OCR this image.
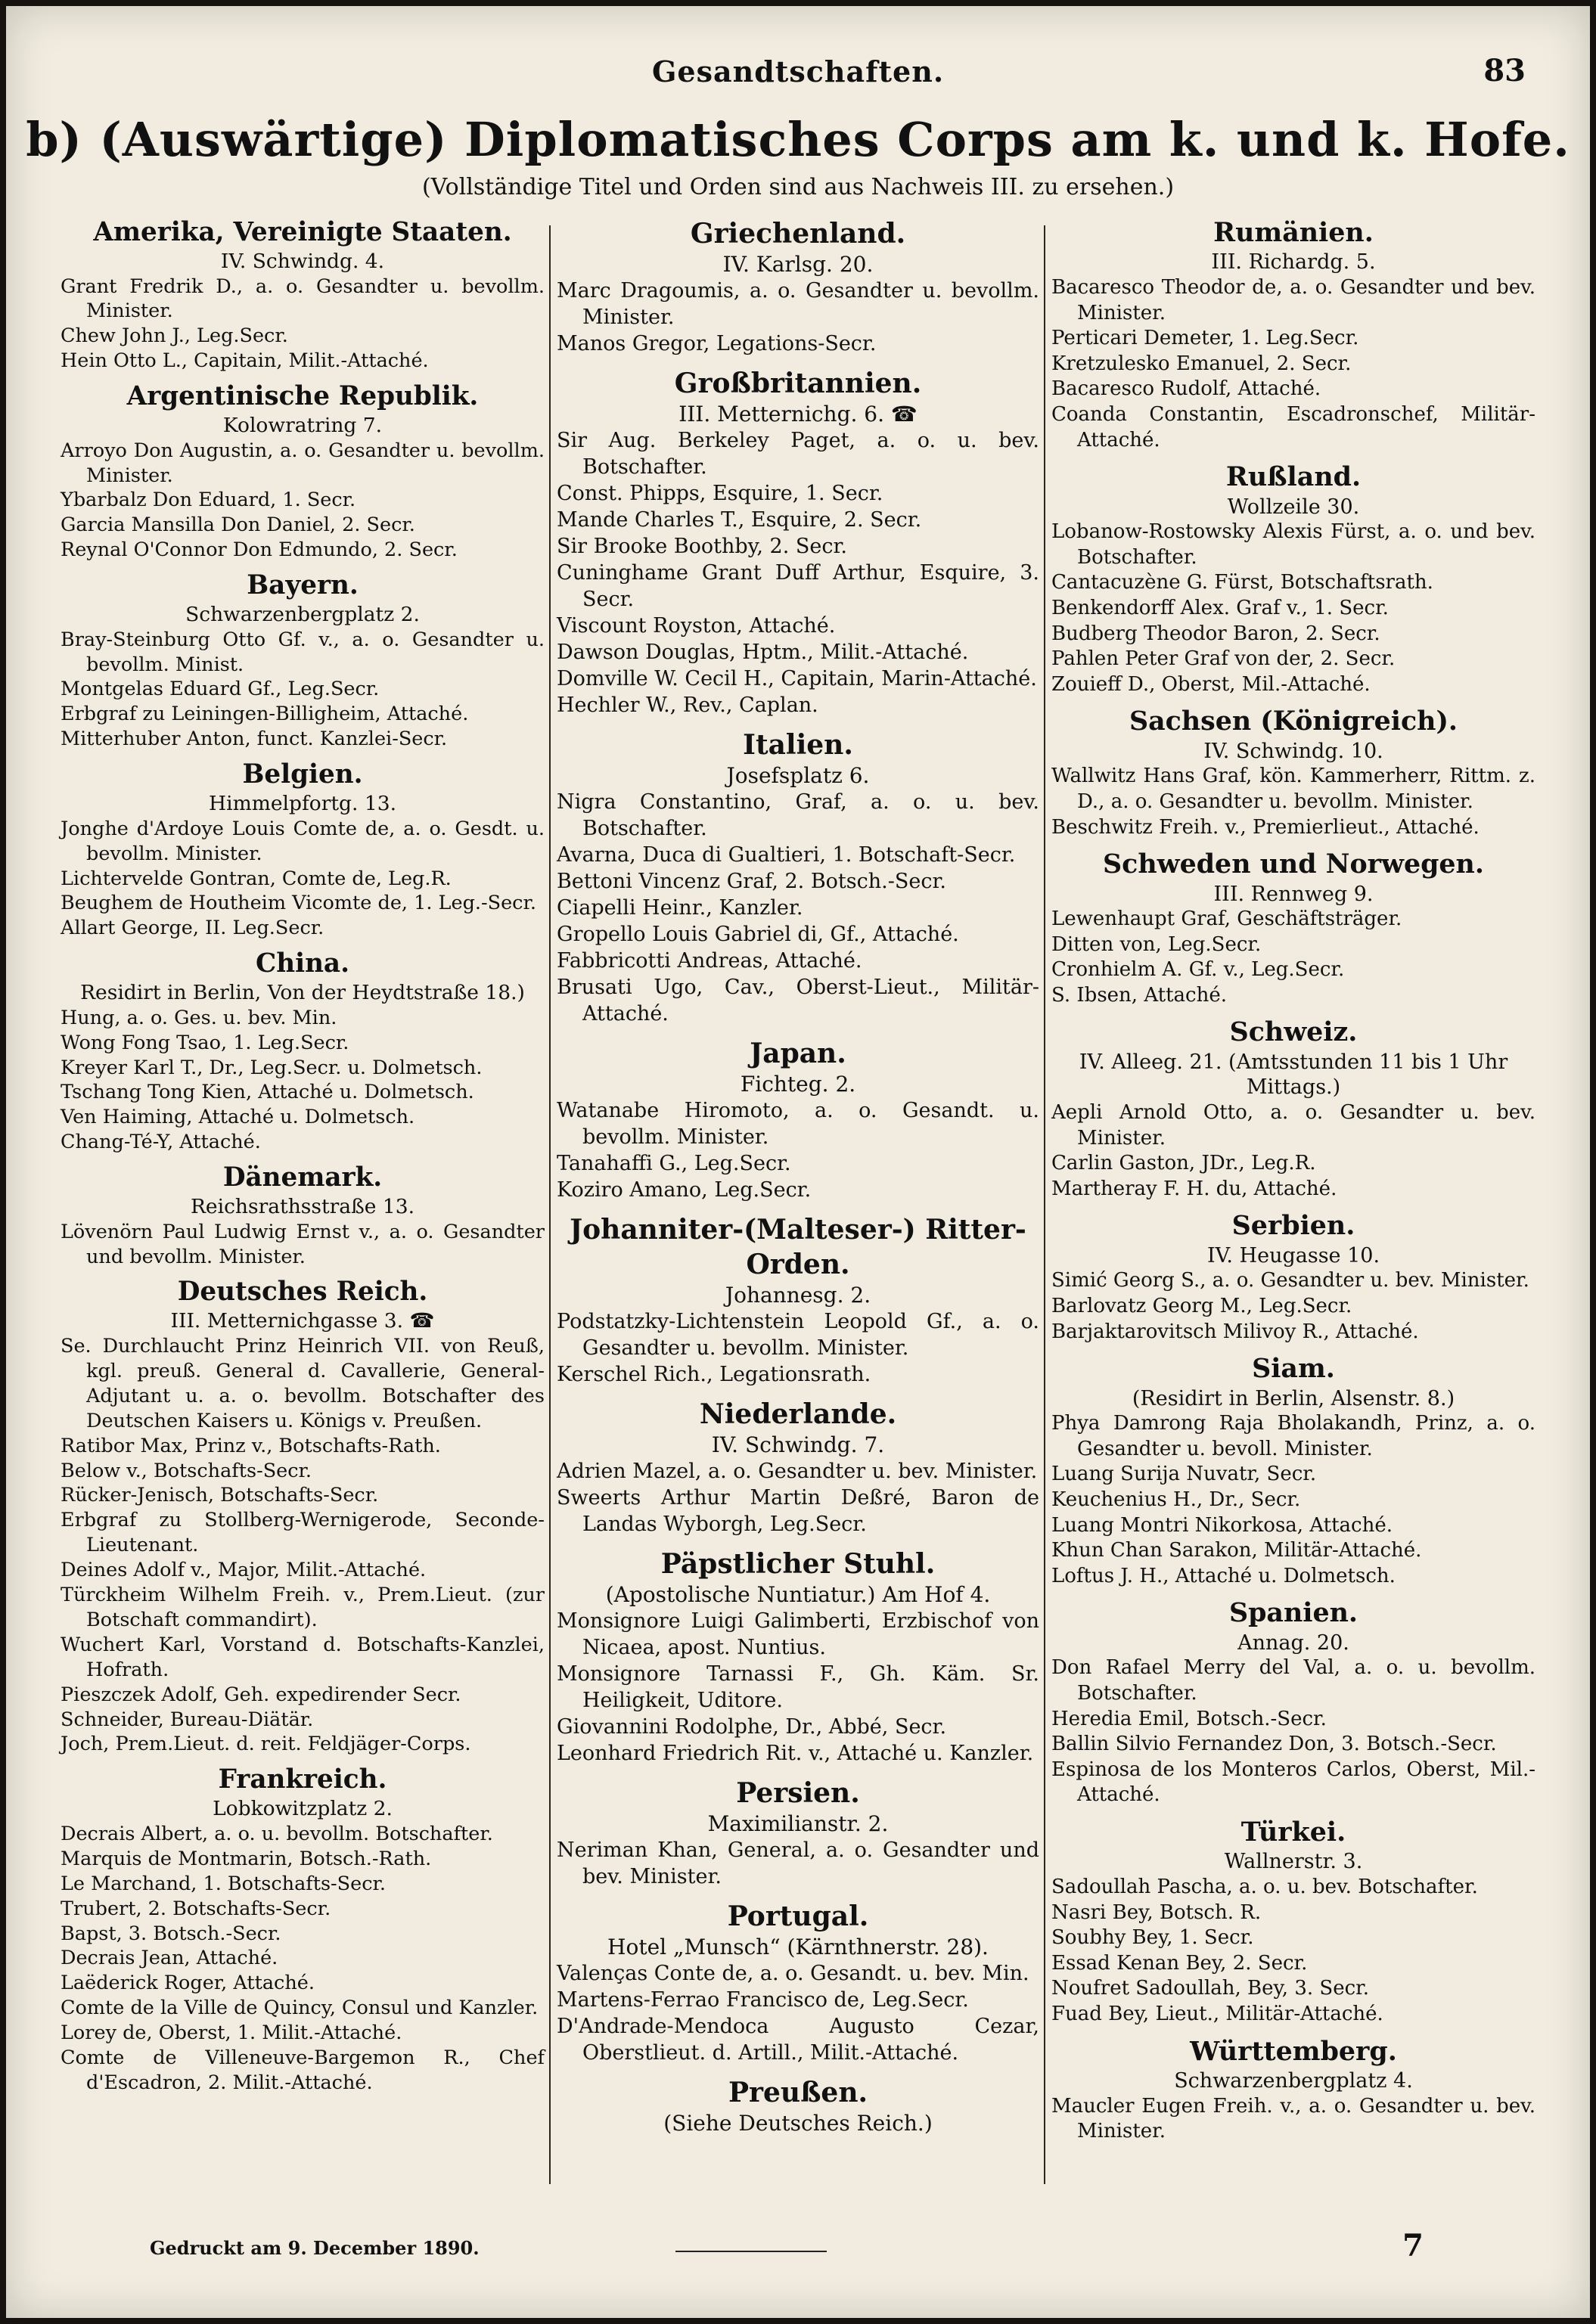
Gesandtschaften.	83
b) (Auswärtige) Diplomatisches Corps am k. und k. Hofe.
(Vollständige Titel und Orden sind aus Nachweis III. zu ersehen.)
Amerika, Vereinigte Staaten.
IV. Schwindg. 4.
Grant Fredrik D., a. o. Gesandter u. bevollm. Minister.
Chew John J., Leg.Secr.
Hein Otto L., Capitain, Milit.-Attaché.
Argentinische Republik.
Kolowratring 7.
Arroyo Don Augustin, a. o. Gesandter u. bevollm. Minister.
Ybarbalz Don Eduard, 1. Secr.
Garcia Mansilla Don Daniel, 2. Secr.
Reynal O'Connor Don Edmundo, 2. Secr.
Bayern.
Schwarzenbergplatz 2.
Bray-Steinburg Otto Gf. v., a. o. Gesandter u. bevollm. Minist.
Montgelas Eduard Gf., Leg.Secr.
Erbgraf zu Leiningen-Billigheim, Attaché.
Mitterhuber Anton, funct. Kanzlei-Secr.
Belgien.
Himmelpfortg. 13.
Jonghe d'Ardoye Louis Comte de, a. o. Gesdt. u. bevollm. Minister.
Lichtervelde Gontran, Comte de, Leg.R.
Beughem de Houtheim Vicomte de, 1. Leg.-Secr.
Allart George, II. Leg.Secr.
China.
Residirt in Berlin, Von der Heydtstraße 18.)
Hung, a. o. Ges. u. bev. Min.
Wong Fong Tsao, 1. Leg.Secr.
Kreyer Karl T., Dr., Leg.Secr. u. Dolmetsch.
Tschang Tong Kien, Attaché u. Dolmetsch.
Ven Haiming, Attaché u. Dolmetsch.
Chang-Té-Y, Attaché.
Dänemark.
Reichsrathsstraße 13.
Lövenörn Paul Ludwig Ernst v., a. o. Gesandter und bevollm. Minister.
Deutsches Reich.
III. Metternichgasse 3. ☎
Se. Durchlaucht Prinz Heinrich VII. von Reuß, kgl. preuß. General d. Cavallerie, General-Adjutant u. a. o. bevollm. Botschafter des Deutschen Kaisers u. Königs v. Preußen.
Ratibor Max, Prinz v., Botschafts-Rath.
Below v., Botschafts-Secr.
Rücker-Jenisch, Botschafts-Secr.
Erbgraf zu Stollberg-Wernigerode, Seconde-Lieutenant.
Deines Adolf v., Major, Milit.-Attaché.
Türckheim Wilhelm Freih. v., Prem.Lieut. (zur Botschaft commandirt).
Wuchert Karl, Vorstand d. Botschafts-Kanzlei, Hofrath.
Pieszczek Adolf, Geh. expedirender Secr.
Schneider, Bureau-Diätär.
Joch, Prem.Lieut. d. reit. Feldjäger-Corps.
Frankreich.
Lobkowitzplatz 2.
Decrais Albert, a. o. u. bevollm. Botschafter.
Marquis de Montmarin, Botsch.-Rath.
Le Marchand, 1. Botschafts-Secr.
Trubert, 2. Botschafts-Secr.
Bapst, 3. Botsch.-Secr.
Decrais Jean, Attaché.
Laëderick Roger, Attaché.
Comte de la Ville de Quincy, Consul und Kanzler.
Lorey de, Oberst, 1. Milit.-Attaché.
Comte de Villeneuve-Bargemon R., Chef d'Escadron, 2. Milit.-Attaché.
Griechenland.
IV. Karlsg. 20.
Marc Dragoumis, a. o. Gesandter u. bevollm. Minister.
Manos Gregor, Legations-Secr.
Großbritannien.
III. Metternichg. 6. ☎
Sir Aug. Berkeley Paget, a. o. u. bev. Botschafter.
Const. Phipps, Esquire, 1. Secr.
Mande Charles T., Esquire, 2. Secr.
Sir Brooke Boothby, 2. Secr.
Cuninghame Grant Duff Arthur, Esquire, 3. Secr.
Viscount Royston, Attaché.
Dawson Douglas, Hptm., Milit.-Attaché.
Domville W. Cecil H., Capitain, Marin-Attaché.
Hechler W., Rev., Caplan.
Italien.
Josefsplatz 6.
Nigra Constantino, Graf, a. o. u. bev. Botschafter.
Avarna, Duca di Gualtieri, 1. Botschaft-Secr.
Bettoni Vincenz Graf, 2. Botsch.-Secr.
Ciapelli Heinr., Kanzler.
Gropello Louis Gabriel di, Gf., Attaché.
Fabbricotti Andreas, Attaché.
Brusati Ugo, Cav., Oberst-Lieut., Militär-Attaché.
Japan.
Fichteg. 2.
Watanabe Hiromoto, a. o. Gesandt. u. bevollm. Minister.
Tanahaffi G., Leg.Secr.
Koziro Amano, Leg.Secr.
Johanniter-(Malteser-) Ritter-Orden.
Johannesg. 2.
Podstatzky-Lichtenstein Leopold Gf., a. o. Gesandter u. bevollm. Minister.
Kerschel Rich., Legationsrath.
Niederlande.
IV. Schwindg. 7.
Adrien Mazel, a. o. Gesandter u. bev. Minister.
Sweerts Arthur Martin Deßré, Baron de Landas Wyborgh, Leg.Secr.
Päpstlicher Stuhl.
(Apostolische Nuntiatur.) Am Hof 4.
Monsignore Luigi Galimberti, Erzbischof von Nicaea, apost. Nuntius.
Monsignore Tarnassi F., Gh. Käm. Sr. Heiligkeit, Uditore.
Giovannini Rodolphe, Dr., Abbé, Secr.
Leonhard Friedrich Rit. v., Attaché u. Kanzler.
Persien.
Maximilianstr. 2.
Neriman Khan, General, a. o. Gesandter und bev. Minister.
Portugal.
Hotel „Munsch“ (Kärnthnerstr. 28).
Valenças Conte de, a. o. Gesandt. u. bev. Min.
Martens-Ferrao Francisco de, Leg.Secr.
D'Andrade-Mendoca Augusto Cezar, Oberstlieut. d. Artill., Milit.-Attaché.
Preußen.
(Siehe Deutsches Reich.)
Rumänien.
III. Richardg. 5.
Bacaresco Theodor de, a. o. Gesandter und bev. Minister.
Perticari Demeter, 1. Leg.Secr.
Kretzulesko Emanuel, 2. Secr.
Bacaresco Rudolf, Attaché.
Coanda Constantin, Escadronschef, Militär-Attaché.
Rußland.
Wollzeile 30.
Lobanow-Rostowsky Alexis Fürst, a. o. und bev. Botschafter.
Cantacuzène G. Fürst, Botschaftsrath.
Benkendorff Alex. Graf v., 1. Secr.
Budberg Theodor Baron, 2. Secr.
Pahlen Peter Graf von der, 2. Secr.
Zouieff D., Oberst, Mil.-Attaché.
Sachsen (Königreich).
IV. Schwindg. 10.
Wallwitz Hans Graf, kön. Kammerherr, Rittm. z. D., a. o. Gesandter u. bevollm. Minister.
Beschwitz Freih. v., Premierlieut., Attaché.
Schweden und Norwegen.
III. Rennweg 9.
Lewenhaupt Graf, Geschäftsträger.
Ditten von, Leg.Secr.
Cronhielm A. Gf. v., Leg.Secr.
S. Ibsen, Attaché.
Schweiz.
IV. Alleeg. 21. (Amtsstunden 11 bis 1 Uhr Mittags.)
Aepli Arnold Otto, a. o. Gesandter u. bev. Minister.
Carlin Gaston, JDr., Leg.R.
Martheray F. H. du, Attaché.
Serbien.
IV. Heugasse 10.
Simić Georg S., a. o. Gesandter u. bev. Minister.
Barlovatz Georg M., Leg.Secr.
Barjaktarovitsch Milivoy R., Attaché.
Siam.
(Residirt in Berlin, Alsenstr. 8.)
Phya Damrong Raja Bholakandh, Prinz, a. o. Gesandter u. bevoll. Minister.
Luang Surija Nuvatr, Secr.
Keuchenius H., Dr., Secr.
Luang Montri Nikorkosa, Attaché.
Khun Chan Sarakon, Militär-Attaché.
Loftus J. H., Attaché u. Dolmetsch.
Spanien.
Annag. 20.
Don Rafael Merry del Val, a. o. u. bevollm. Botschafter.
Heredia Emil, Botsch.-Secr.
Ballin Silvio Fernandez Don, 3. Botsch.-Secr.
Espinosa de los Monteros Carlos, Oberst, Mil.-Attaché.
Türkei.
Wallnerstr. 3.
Sadoullah Pascha, a. o. u. bev. Botschafter.
Nasri Bey, Botsch. R.
Soubhy Bey, 1. Secr.
Essad Kenan Bey, 2. Secr.
Noufret Sadoullah, Bey, 3. Secr.
Fuad Bey, Lieut., Militär-Attaché.
Württemberg.
Schwarzenbergplatz 4.
Maucler Eugen Freih. v., a. o. Gesandter u. bev. Minister.
Gedruckt am 9. December 1890.	7
